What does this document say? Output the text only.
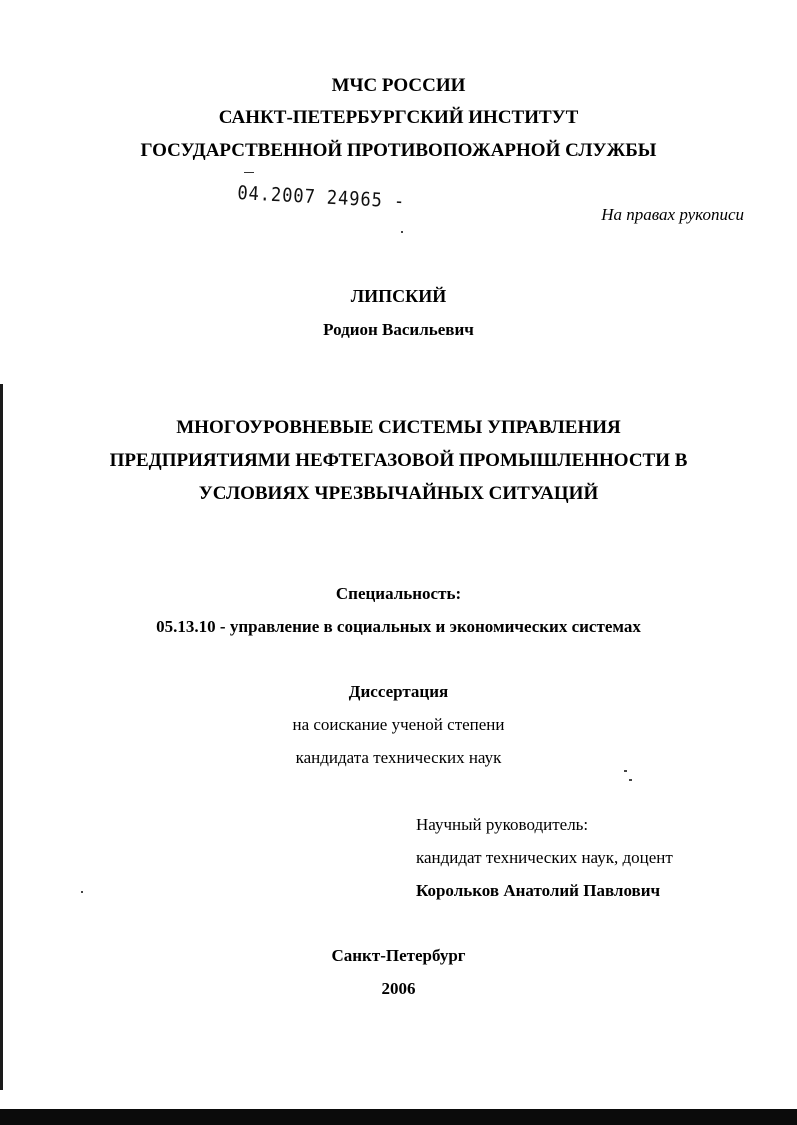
МЧС РОССИИ
САНКТ-ПЕТЕРБУРГСКИЙ ИНСТИТУТ
ГОСУДАРСТВЕННОЙ ПРОТИВОПОЖАРНОЙ СЛУЖБЫ
04.2007 24965 -
На правах рукописи
ЛИПСКИЙ
Родион Васильевич
МНОГОУРОВНЕВЫЕ СИСТЕМЫ УПРАВЛЕНИЯ
ПРЕДПРИЯТИЯМИ НЕФТЕГАЗОВОЙ ПРОМЫШЛЕННОСТИ В
УСЛОВИЯХ ЧРЕЗВЫЧАЙНЫХ СИТУАЦИЙ
Специальность:
05.13.10 - управление в социальных и экономических системах
Диссертация
на соискание ученой степени
кандидата технических наук
Научный руководитель:
кандидат технических наук, доцент
Корольков Анатолий Павлович
Санкт-Петербург
2006
